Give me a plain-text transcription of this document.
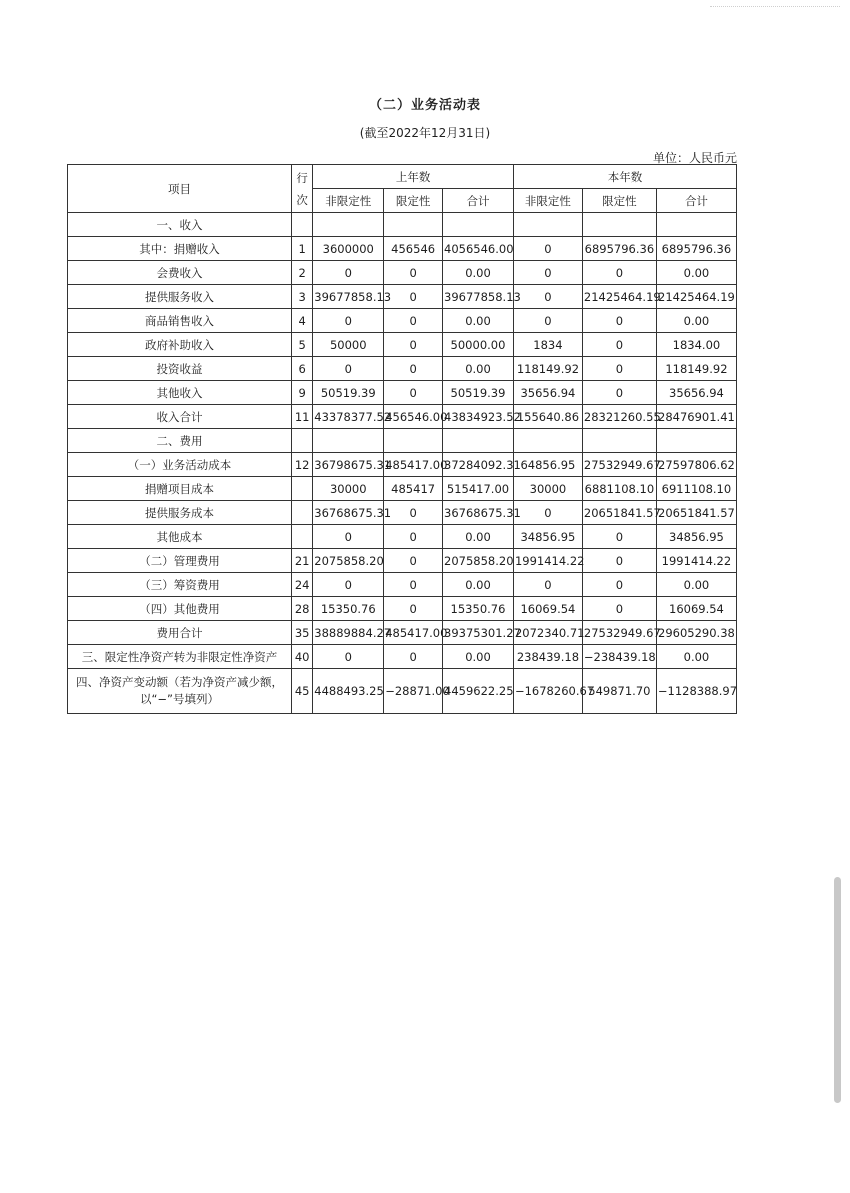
（二）业务活动表
(截至2022年12月31日)
单位：人民币元
项目	行次	上年数			本年数		
		非限定性	限定性	合计	非限定性	限定性	合计
一、收入							
其中：捐赠收入	1	3600000	456546	4056546.00	0	6895796.36	6895796.36
会费收入	2	0	0	0.00	0	0	0.00
提供服务收入	3	39677858.13	0	39677858.13	0	21425464.19	21425464.19
商品销售收入	4	0	0	0.00	0	0	0.00
政府补助收入	5	50000	0	50000.00	1834	0	1834.00
投资收益	6	0	0	0.00	118149.92	0	118149.92
其他收入	9	50519.39	0	50519.39	35656.94	0	35656.94
收入合计	11	43378377.52	456546.00	43834923.52	155640.86	28321260.55	28476901.41
二、费用							
（一）业务活动成本	12	36798675.31	485417.00	37284092.31	64856.95	27532949.67	27597806.62
捐赠项目成本		30000	485417	515417.00	30000	6881108.10	6911108.10
提供服务成本		36768675.31	0	36768675.31	0	20651841.57	20651841.57
其他成本		0	0	0.00	34856.95	0	34856.95
（二）管理费用	21	2075858.20	0	2075858.20	1991414.22	0	1991414.22
（三）筹资费用	24	0	0	0.00	0	0	0.00
（四）其他费用	28	15350.76	0	15350.76	16069.54	0	16069.54
费用合计	35	38889884.27	485417.00	39375301.27	2072340.71	27532949.67	29605290.38
三、限定性净资产转为非限定性净资产	40	0	0	0.00	238439.18	−238439.18	0.00
四、净资产变动额（若为净资产减少额，以“−”号填列）	45	4488493.25	−28871.00	4459622.25	−1678260.67	549871.70	−1128388.97
